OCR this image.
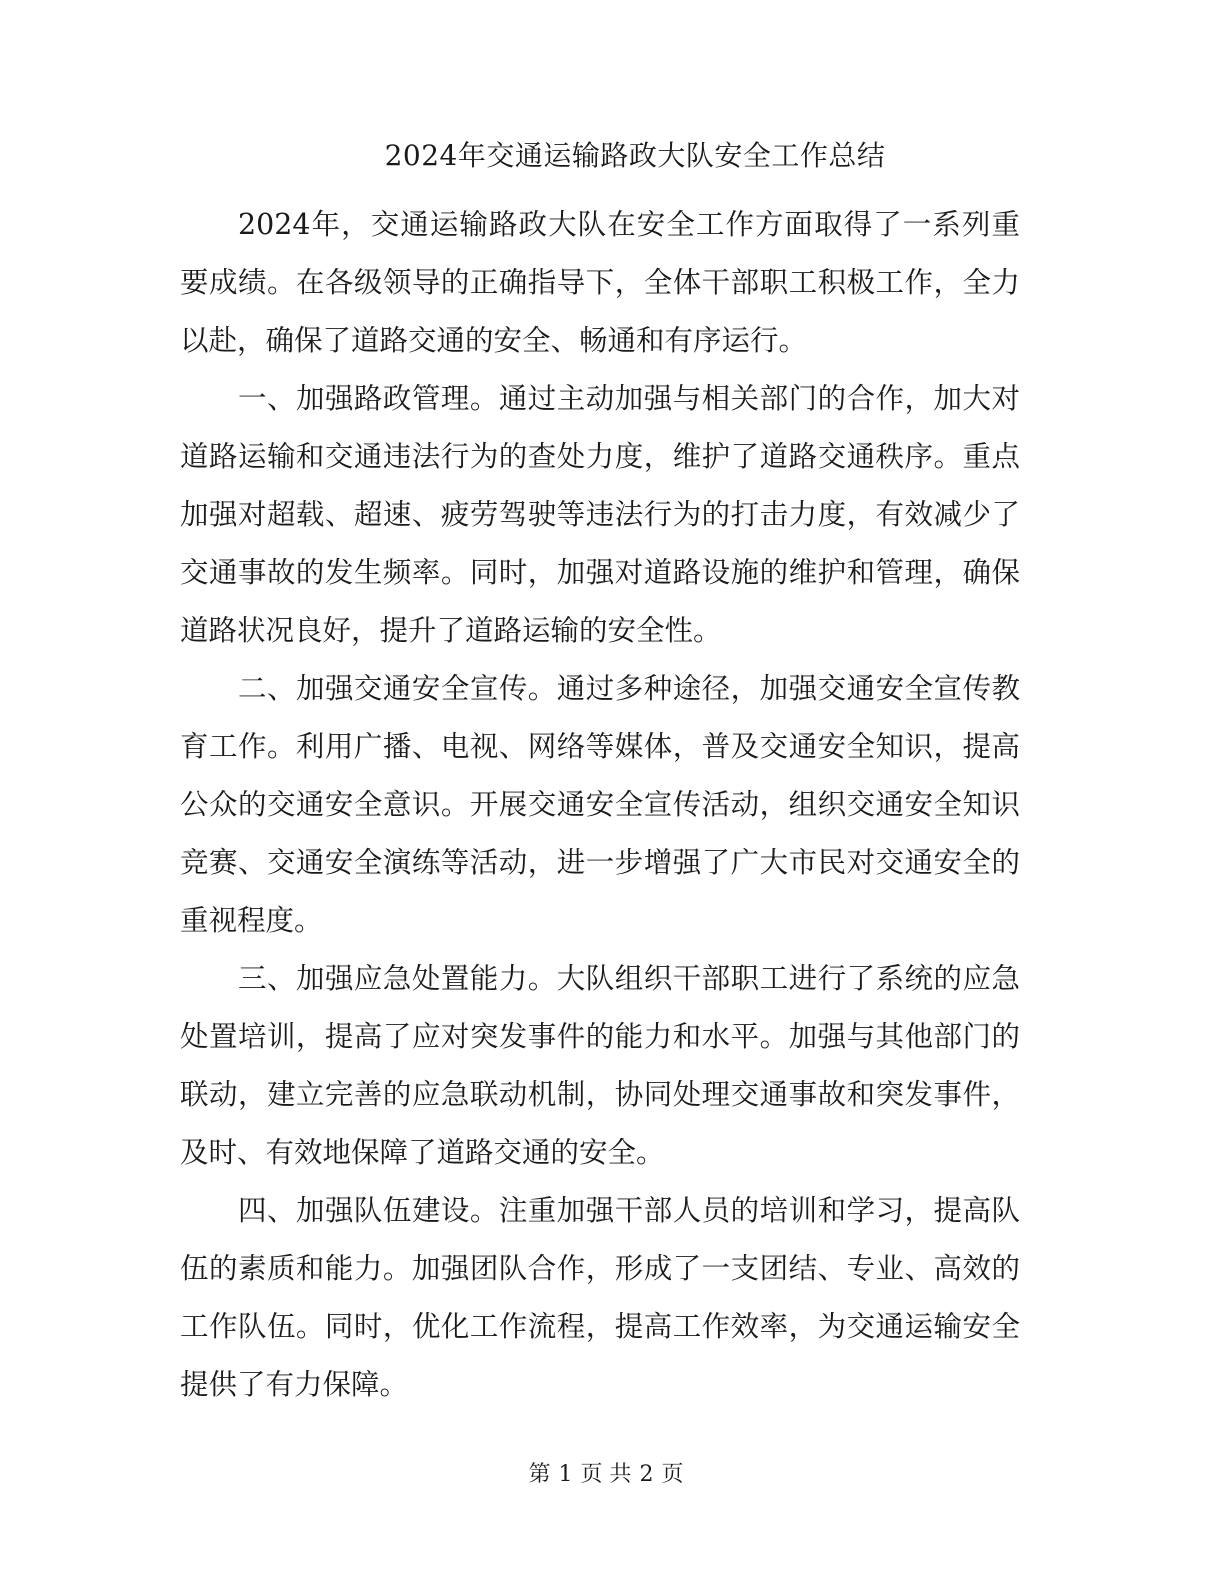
2024年交通运输路政大队安全工作总结

2024年，交通运输路政大队在安全工作方面取得了一系列重要成绩。在各级领导的正确指导下，全体干部职工积极工作，全力以赴，确保了道路交通的安全、畅通和有序运行。

一、加强路政管理。通过主动加强与相关部门的合作，加大对道路运输和交通违法行为的查处力度，维护了道路交通秩序。重点加强对超载、超速、疲劳驾驶等违法行为的打击力度，有效减少了交通事故的发生频率。同时，加强对道路设施的维护和管理，确保道路状况良好，提升了道路运输的安全性。

二、加强交通安全宣传。通过多种途径，加强交通安全宣传教育工作。利用广播、电视、网络等媒体，普及交通安全知识，提高公众的交通安全意识。开展交通安全宣传活动，组织交通安全知识竞赛、交通安全演练等活动，进一步增强了广大市民对交通安全的重视程度。

三、加强应急处置能力。大队组织干部职工进行了系统的应急处置培训，提高了应对突发事件的能力和水平。加强与其他部门的联动，建立完善的应急联动机制，协同处理交通事故和突发事件，及时、有效地保障了道路交通的安全。

四、加强队伍建设。注重加强干部人员的培训和学习，提高队伍的素质和能力。加强团队合作，形成了一支团结、专业、高效的工作队伍。同时，优化工作流程，提高工作效率，为交通运输安全提供了有力保障。

第 1 页 共 2 页
